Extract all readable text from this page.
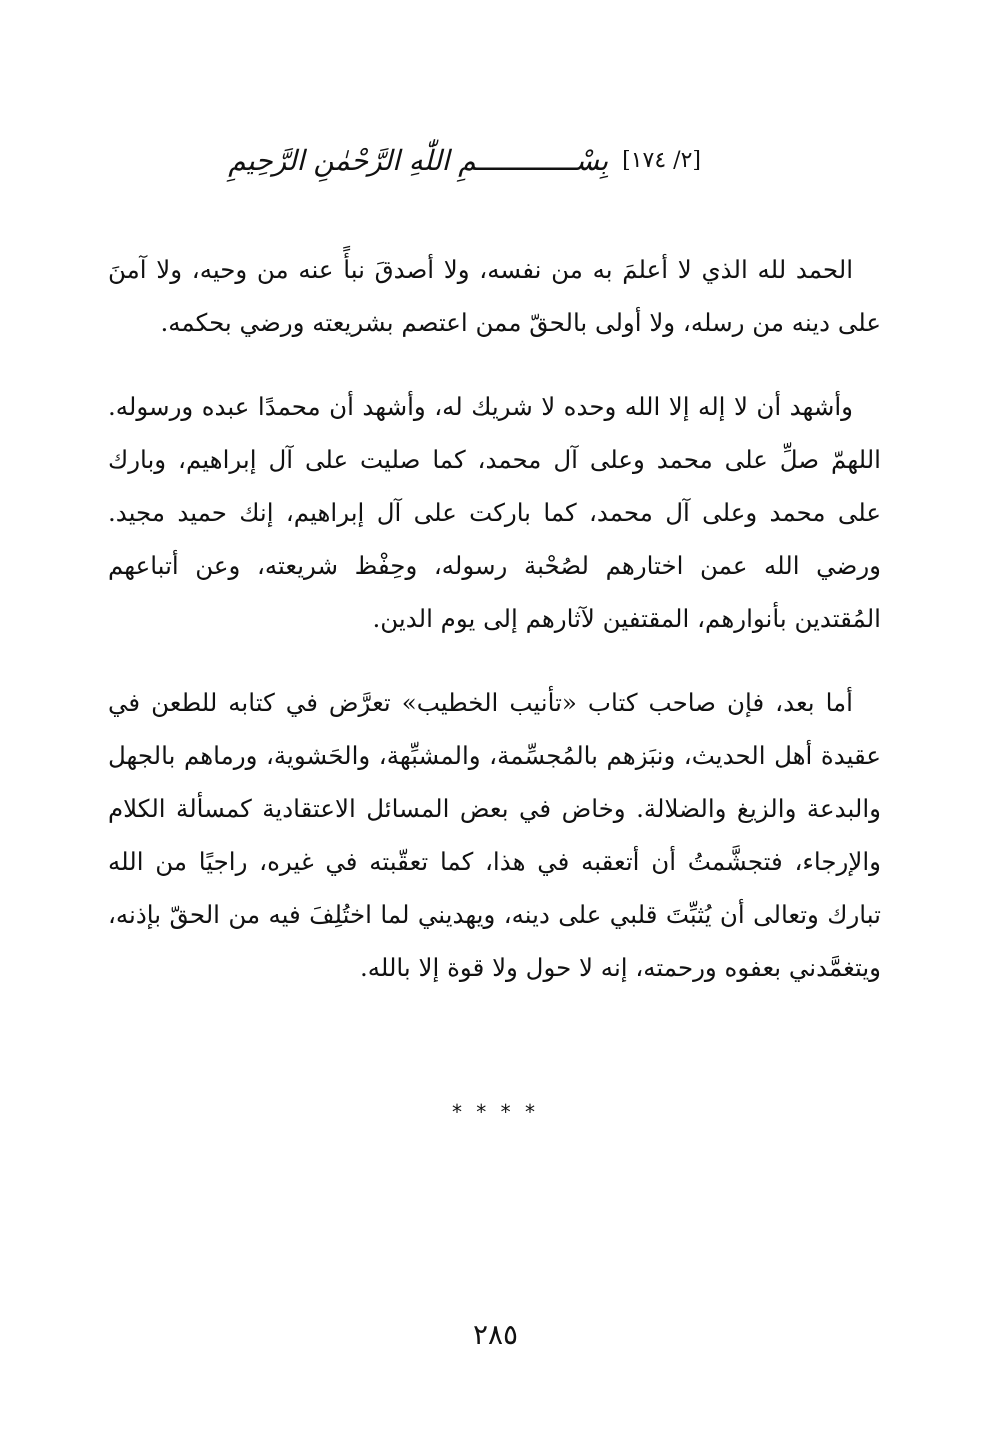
[٢/ ١٧٤]
بِسْــــــــــــمِ اللّٰهِ الرَّحْمٰنِ الرَّحِيمِ

الحمد لله الذي لا أعلمَ به من نفسه، ولا أصدقَ نبأً عنه من وحيه، ولا آمنَ على دينه من رسله، ولا أولى بالحقّ ممن اعتصم بشريعته ورضي بحكمه.

وأشهد أن لا إله إلا الله وحده لا شريك له، وأشهد أن محمدًا عبده ورسوله. اللهمّ صلِّ على محمد وعلى آل محمد، كما صليت على آل إبراهيم، وبارك على محمد وعلى آل محمد، كما باركت على آل إبراهيم، إنك حميد مجيد. ورضي الله عمن اختارهم لصُحْبة رسوله، وحِفْظ شريعته، وعن أتباعهم المُقتدين بأنوارهم، المقتفين لآثارهم إلى يوم الدين.

أما بعد، فإن صاحب كتاب «تأنيب الخطيب» تعرَّض في كتابه للطعن في عقيدة أهل الحديث، ونبَزهم بالمُجسِّمة، والمشبِّهة، والحَشوية، ورماهم بالجهل والبدعة والزيغ والضلالة. وخاض في بعض المسائل الاعتقادية كمسألة الكلام والإرجاء، فتجشَّمتُ أن أتعقبه في هذا، كما تعقّبته في غيره، راجيًا من الله تبارك وتعالى أن يُثبِّتَ قلبي على دينه، ويهديني لما اختُلِفَ فيه من الحقّ بإذنه، ويتغمَّدني بعفوه ورحمته، إنه لا حول ولا قوة إلا بالله.

* * * *
٢٨٥
